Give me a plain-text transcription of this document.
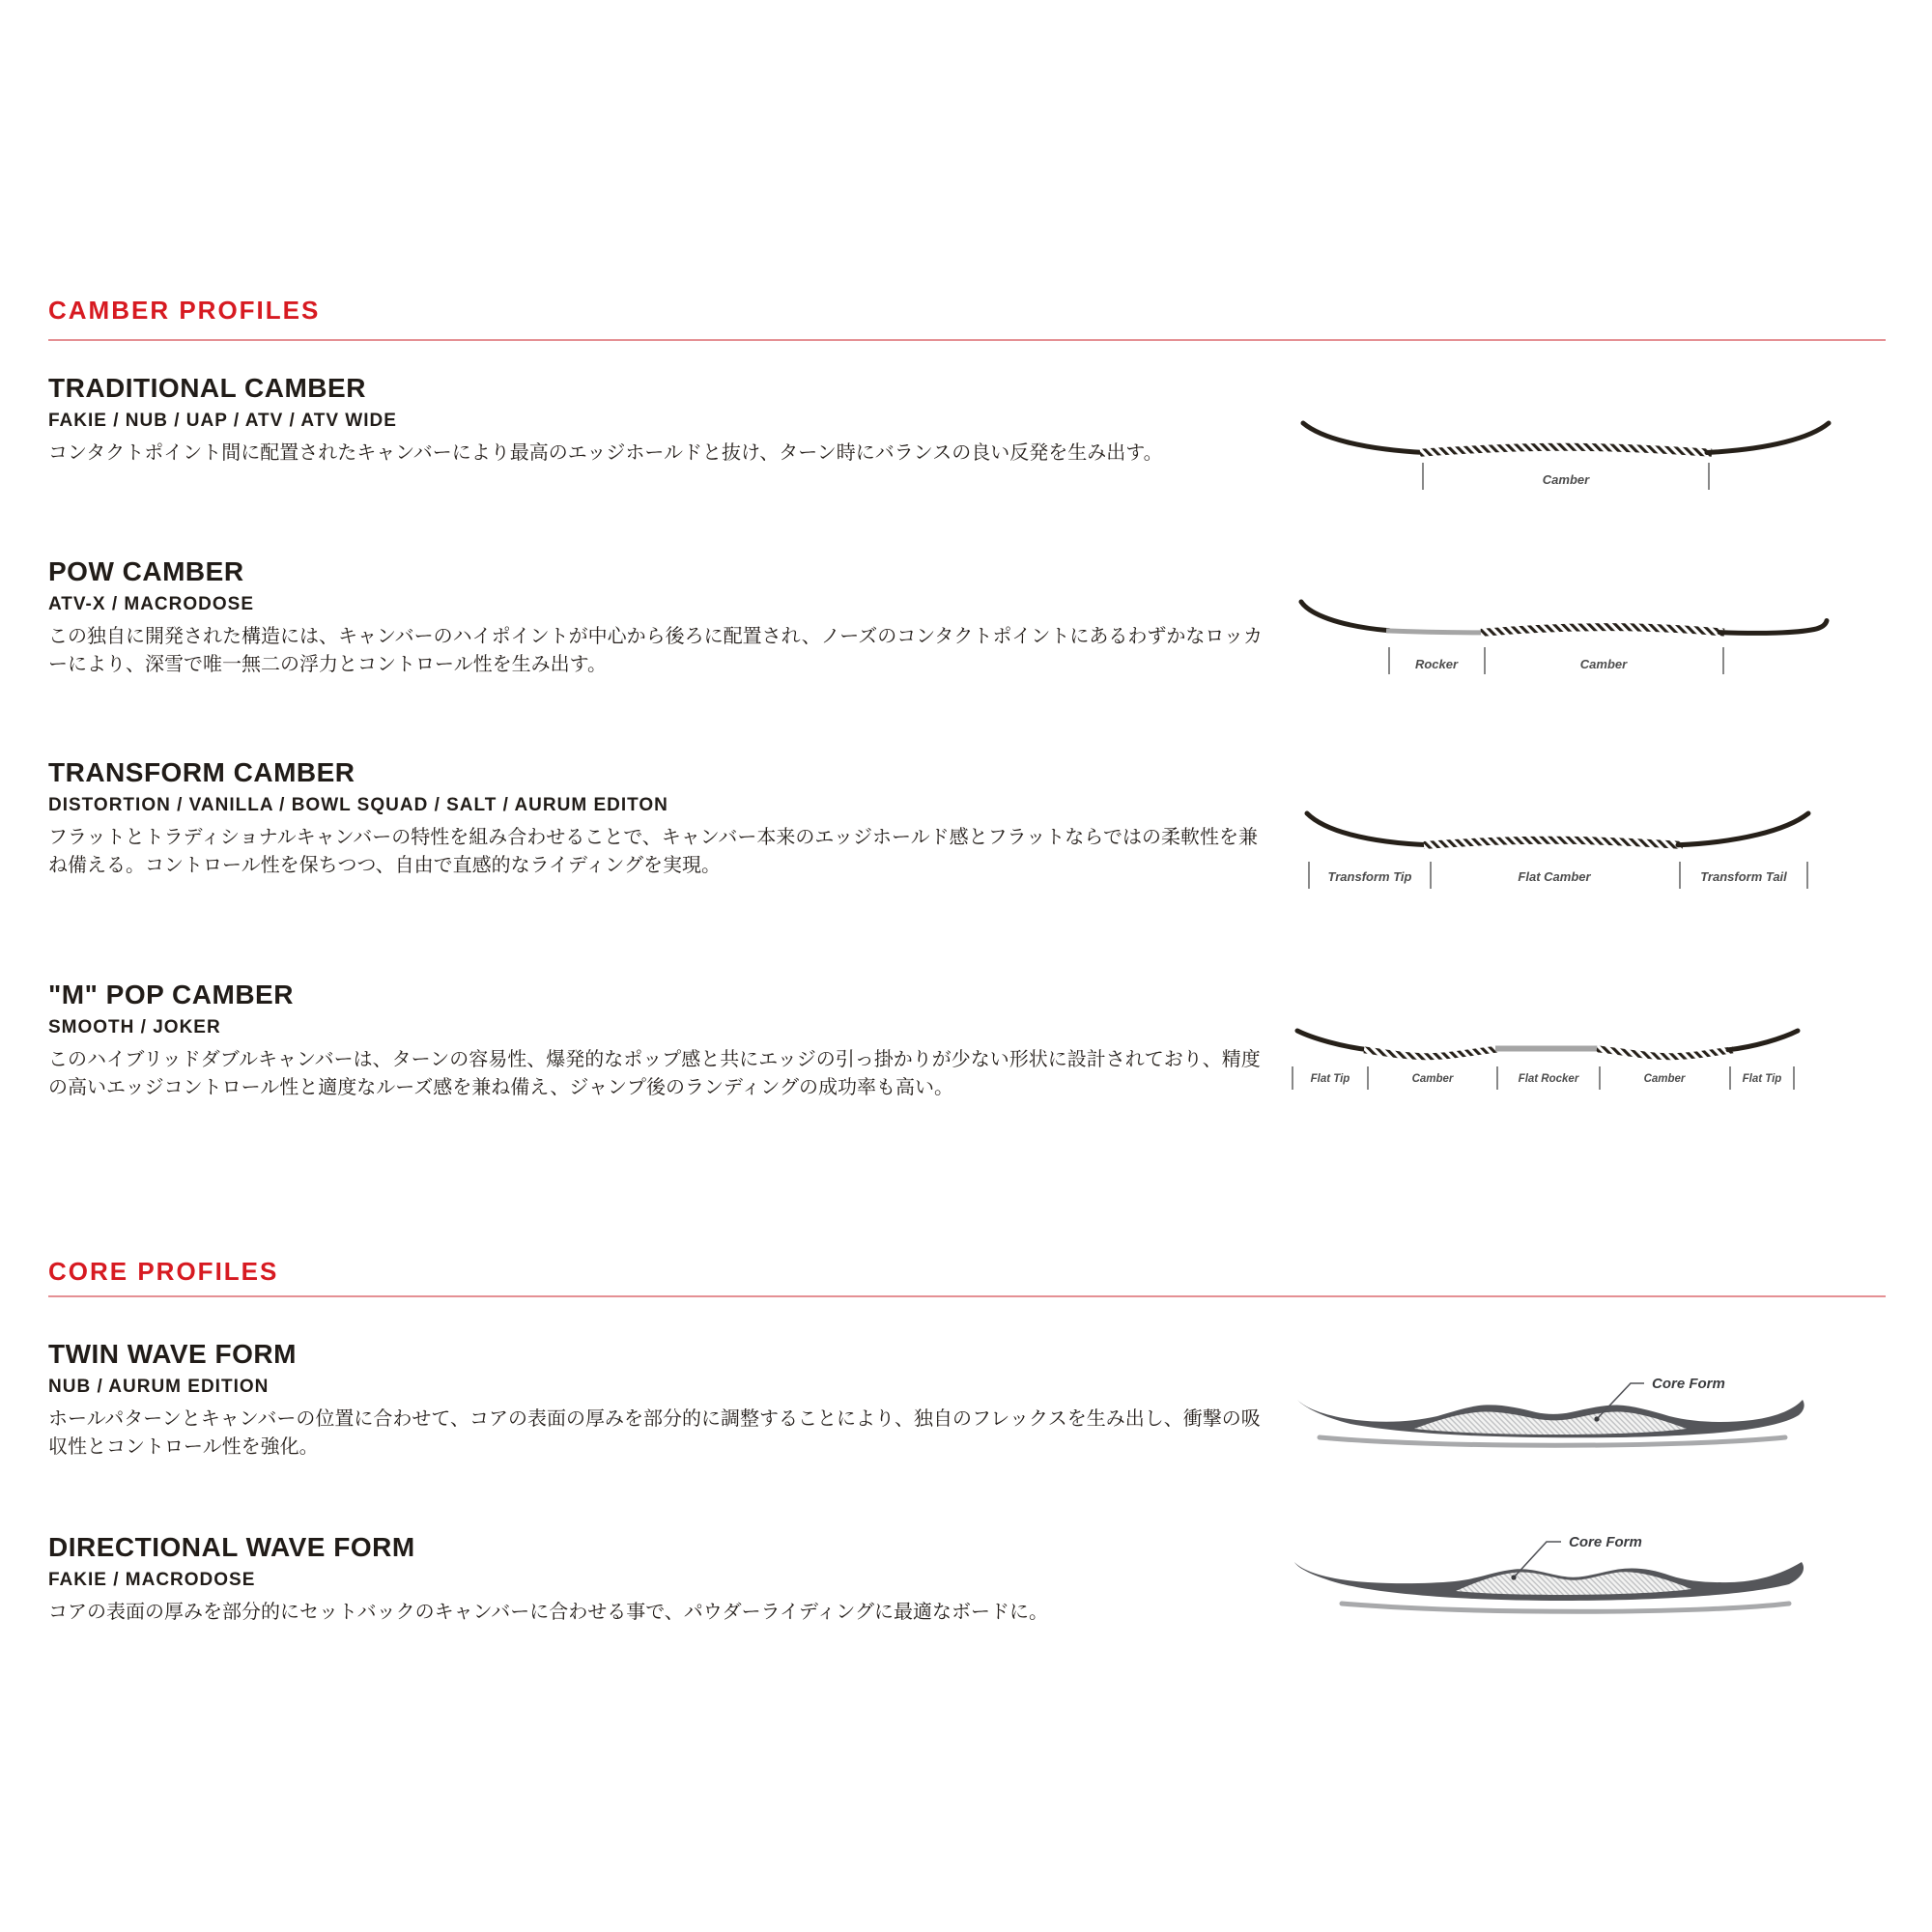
CAMBER PROFILES
TRADITIONAL CAMBER
FAKIE / NUB / UAP / ATV / ATV WIDE

コンタクトポイント間に配置されたキャンバーにより最高のエッジホールドと抜け、ターン時にバランスの良い反発を生み出す。

Camber
POW CAMBER
ATV-X / MACRODOSE

この独自に開発された構造には、キャンバーのハイポイントが中心から後ろに配置され、ノーズのコンタクトポイントにあるわずかなロッカーにより、深雪で唯一無二の浮力とコントロール性を生み出す。	Rocker	Camber
TRANSFORM CAMBER
DISTORTION / VANILLA / BOWL SQUAD / SALT / AURUM EDITON

フラットとトラディショナルキャンバーの特性を組み合わせることで、キャンバー本来のエッジホールド感とフラットならではの柔軟性を兼ね備える。コントロール性を保ちつつ、自由で直感的なライディングを実現。

Transform Tip	Flat Camber	Transform Tail
"M" POP CAMBER
SMOOTH / JOKER

このハイブリッドダブルキャンバーは、ターンの容易性、爆発的なポップ感と共にエッジの引っ掛かりが少ない形状に設計されており、精度の高いエッジコントロール性と適度なルーズ感を兼ね備え、ジャンプ後のランディングの成功率も高い。	Flat Tip	Camber	Flat Rocker	Camber	Flat Tip
CORE PROFILES
TWIN WAVE FORM
NUB / AURUM EDITION

ホールパターンとキャンバーの位置に合わせて、コアの表面の厚みを部分的に調整することにより、独自のフレックスを生み出し、衝撃の吸収性とコントロール性を強化。

Core Form
DIRECTIONAL WAVE FORM
FAKIE / MACRODOSE

コアの表面の厚みを部分的にセットバックのキャンバーに合わせる事で、パウダーライディングに最適なボードに。

Core Form
